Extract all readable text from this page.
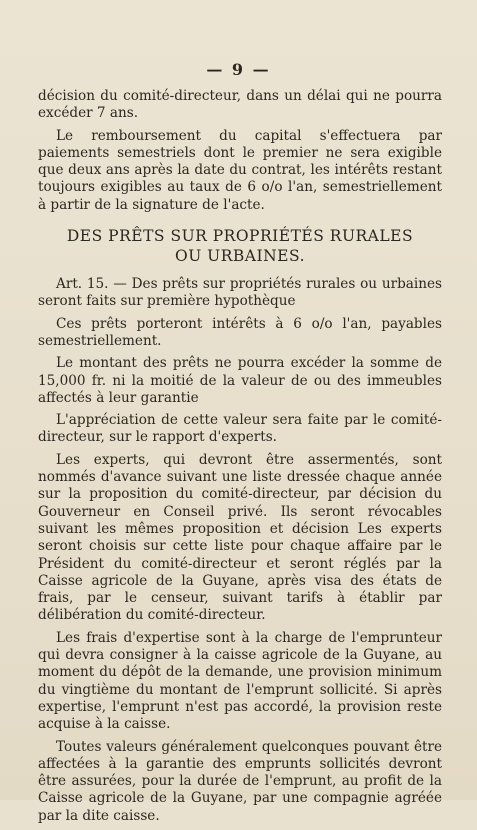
— 9 —

décision du comité-directeur, dans un délai qui ne pourra excéder 7 ans.

Le remboursement du capital s'effectuera par paiements semestriels dont le premier ne sera exigible que deux ans après la date du contrat, les intérêts restant toujours exigibles au taux de 6 o/o l'an, semestriellement à partir de la signature de l'acte.

DES PRÊTS SUR PROPRIÉTÉS RURALES
OU URBAINES.

Art. 15. — Des prêts sur propriétés rurales ou urbaines seront faits sur première hypothèque

Ces prêts porteront intérêts à 6 o/o l'an, payables semestriellement.

Le montant des prêts ne pourra excéder la somme de 15,000 fr. ni la moitié de la valeur de ou des immeubles affectés à leur garantie

L'appréciation de cette valeur sera faite par le comité-directeur, sur le rapport d'experts.

Les experts, qui devront être assermentés, sont nommés d'avance suivant une liste dressée chaque année sur la proposition du comité-directeur, par décision du Gouverneur en Conseil privé. Ils seront révocables suivant les mêmes proposition et décision Les experts seront choisis sur cette liste pour chaque affaire par le Président du comité-directeur et seront réglés par la Caisse agricole de la Guyane, après visa des états de frais, par le censeur, suivant tarifs à établir par délibération du comité-directeur.

Les frais d'expertise sont à la charge de l'emprunteur qui devra consigner à la caisse agricole de la Guyane, au moment du dépôt de la demande, une provision minimum du vingtième du montant de l'emprunt sollicité. Si après expertise, l'emprunt n'est pas accordé, la provision reste acquise à la caisse.

Toutes valeurs généralement quelconques pouvant être affectées à la garantie des emprunts sollicités devront être assurées, pour la durée de l'emprunt, au profit de la Caisse agricole de la Guyane, par une compagnie agréée par la dite caisse.
